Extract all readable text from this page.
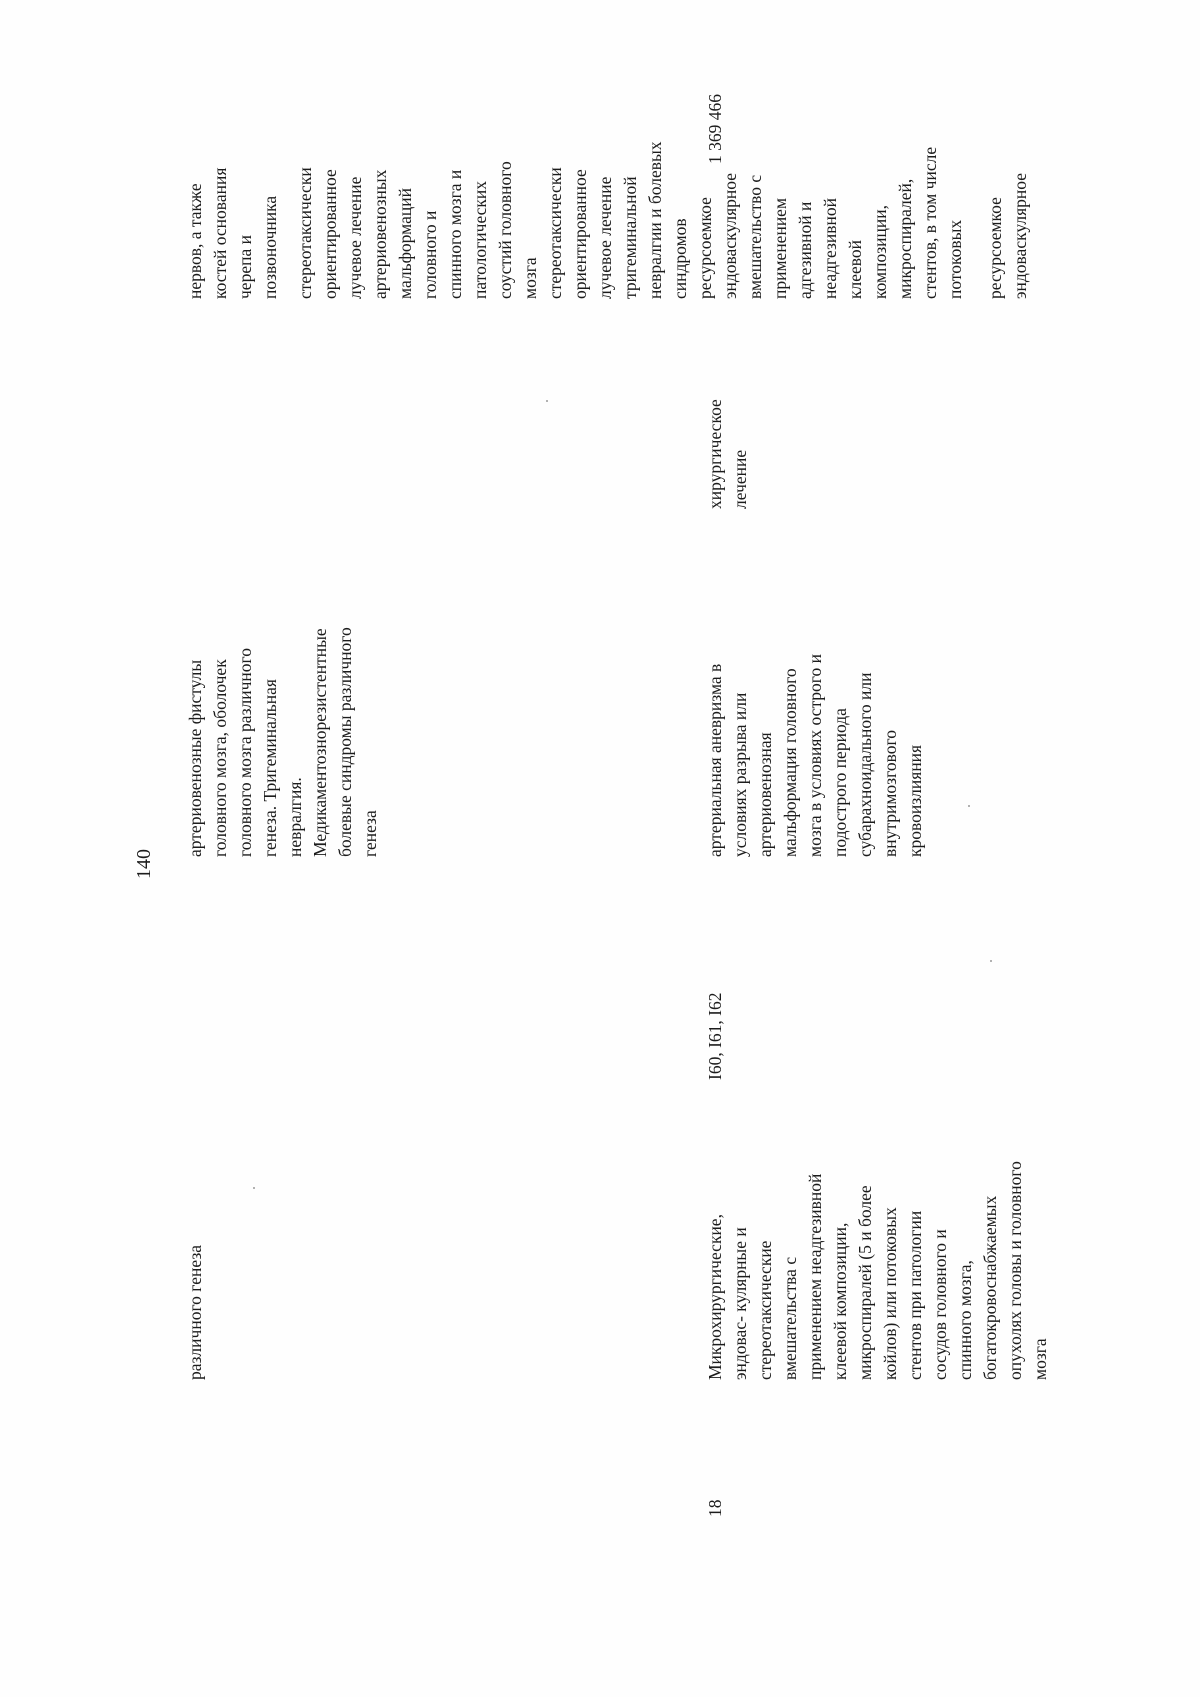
140
различного генеза
артериовенозные фистулы головного мозга, оболочек головного мозга различного генеза. Тригеминальная невралгия. Медикаментознорезистентные болевые синдромы различного генеза
нервов, а также костей основания черепа и позвоночника стереотаксически ориентированное лучевое лечение артериовенозных мальформаций головного и спинного мозга и патологических соустий головного мозга стереотаксически ориентированное лучевое лечение тригеминальной невралгии и болевых синдромов
18
Микрохирургические, эндовас- кулярные и стереотаксические вмешательства с применением неадгезивной клеевой композиции, микроспиралей (5 и более койлов) или потоковых стентов при патологии сосудов головного и спинного мозга, богатокровоснабжаемых опухолях головы и головного мозга
I60, I61, I62
артериальная аневризма в условиях разрыва или артериовенозная мальформация головного мозга в условиях острого и подострого периода субарахноидального или внутримозгового кровоизлияния
хирургическое лечение
ресурсоемкое эндоваскулярное вмешательство с применением адгезивной и неадгезивной клеевой композиции, микроспиралей, стентов, в том числе потоковых ресурсоемкое эндоваскулярное
1 369 466
